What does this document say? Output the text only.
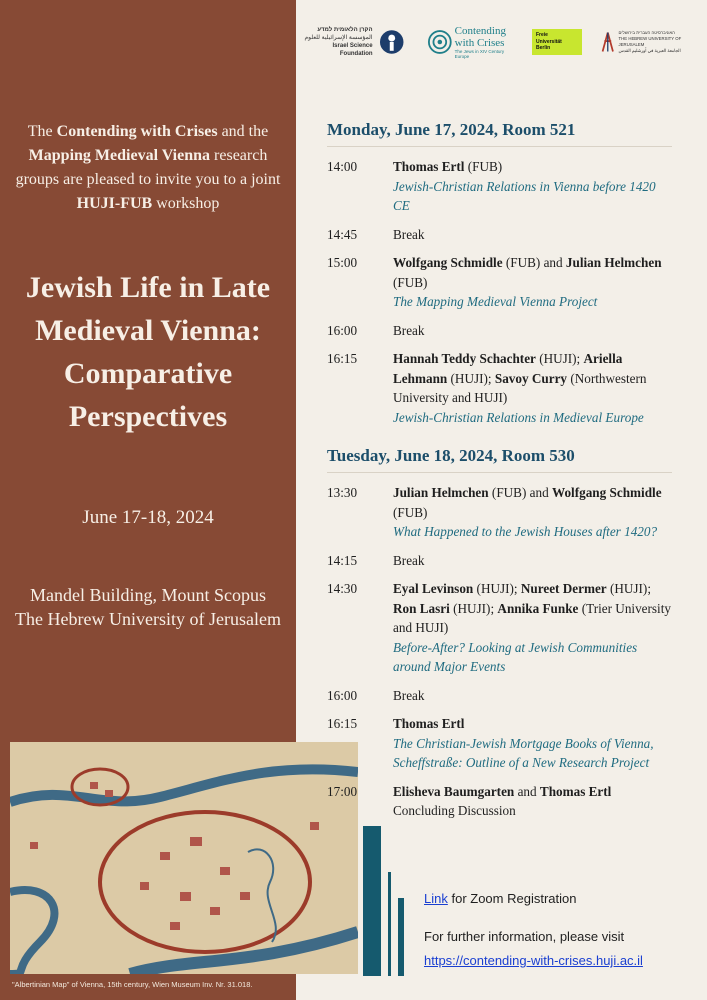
The Contending with Crises and the Mapping Medieval Vienna research groups are pleased to invite you to a joint HUJI-FUB workshop

Jewish Life in Late Medieval Vienna: Comparative Perspectives
June 17-18, 2024
Mandel Building, Mount Scopus
The Hebrew University of Jerusalem
"Albertinian Map" of Vienna, 15th century, Wien Museum Inv. Nr. 31.018.
הקרן הלאומית למדע
المؤسسة الإسرائيلية للعلوم
Israel Science Foundation
Contending with Crises
The Jews in XIV Century Europe
Freie
Universität
Berlin
האוניברסיטה העברית בירושלים
THE HEBREW UNIVERSITY OF JERUSALEM
الجامعة العبرية في أورشليم القدس
Monday, June 17, 2024, Room 521
14:00	Thomas Ertl (FUB)
Jewish-Christian Relations in Vienna before 1420 CE
14:45	Break
15:00	Wolfgang Schmidle (FUB) and Julian Helmchen (FUB)
The Mapping Medieval Vienna Project
16:00	Break
16:15	Hannah Teddy Schachter (HUJI); Ariella Lehmann (HUJI); Savoy Curry (Northwestern University and HUJI)
Jewish-Christian Relations in Medieval Europe
Tuesday, June 18, 2024, Room 530
13:30	Julian Helmchen (FUB) and Wolfgang Schmidle (FUB)
What Happened to the Jewish Houses after 1420?
14:15	Break
14:30	Eyal Levinson (HUJI); Nureet Dermer (HUJI); Ron Lasri (HUJI); Annika Funke (Trier University and HUJI)
Before-After? Looking at Jewish Communities around Major Events
16:00	Break
16:15	Thomas Ertl
The Christian-Jewish Mortgage Books of Vienna, Scheffstraße: Outline of a New Research Project
17:00	Elisheva Baumgarten and Thomas Ertl
Concluding Discussion
Link for Zoom Registration
For further information, please visit
https://contending-with-crises.huji.ac.il
